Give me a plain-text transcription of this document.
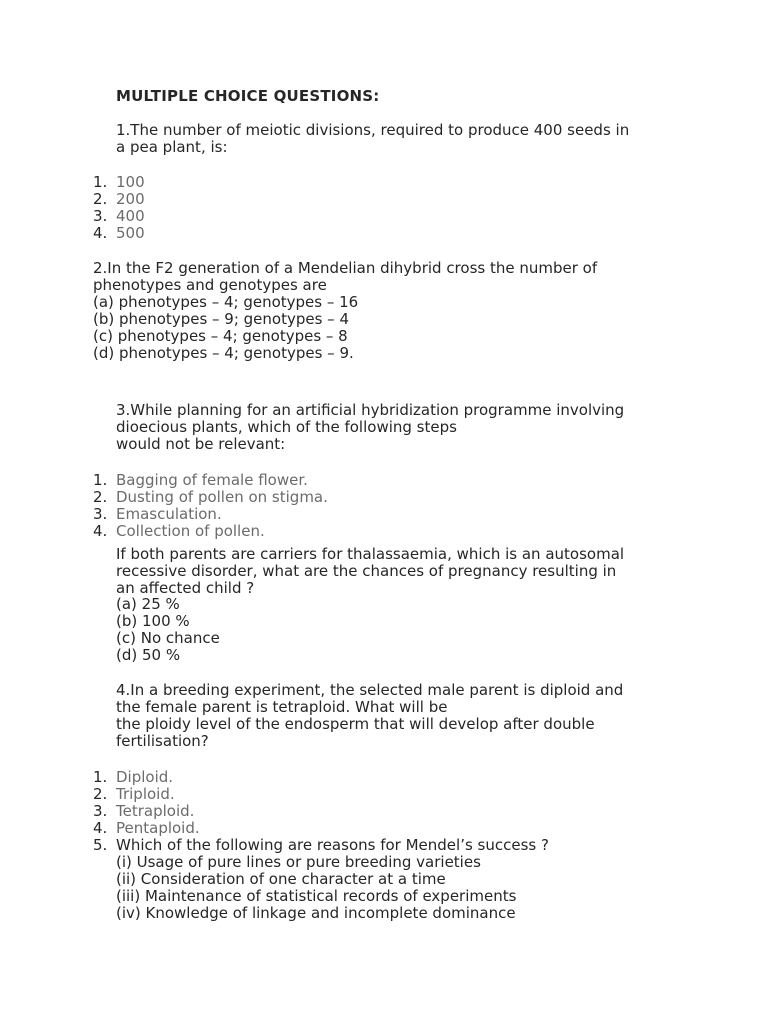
MULTIPLE CHOICE QUESTIONS:
1.The number of meiotic divisions, required to produce 400 seeds in
a pea plant, is:
1. 100
2. 200
3. 400
4. 500
2.In the F2 generation of a Mendelian dihybrid cross the number of
phenotypes and genotypes are
(a) phenotypes – 4; genotypes – 16
(b) phenotypes – 9; genotypes – 4
(c) phenotypes – 4; genotypes – 8
(d) phenotypes – 4; genotypes – 9.
3.While planning for an artificial hybridization programme involving
dioecious plants, which of the following steps
would not be relevant:
1. Bagging of female flower.
2. Dusting of pollen on stigma.
3. Emasculation.
4. Collection of pollen.
If both parents are carriers for thalassaemia, which is an autosomal
recessive disorder, what are the chances of pregnancy resulting in
an affected child ?
(a) 25 %
(b) 100 %
(c) No chance
(d) 50 %
4.In a breeding experiment, the selected male parent is diploid and
the female parent is tetraploid. What will be
the ploidy level of the endosperm that will develop after double
fertilisation?
1. Diploid.
2. Triploid.
3. Tetraploid.
4. Pentaploid.
5. Which of the following are reasons for Mendel’s success ?
(i) Usage of pure lines or pure breeding varieties
(ii) Consideration of one character at a time
(iii) Maintenance of statistical records of experiments
(iv) Knowledge of linkage and incomplete dominance
